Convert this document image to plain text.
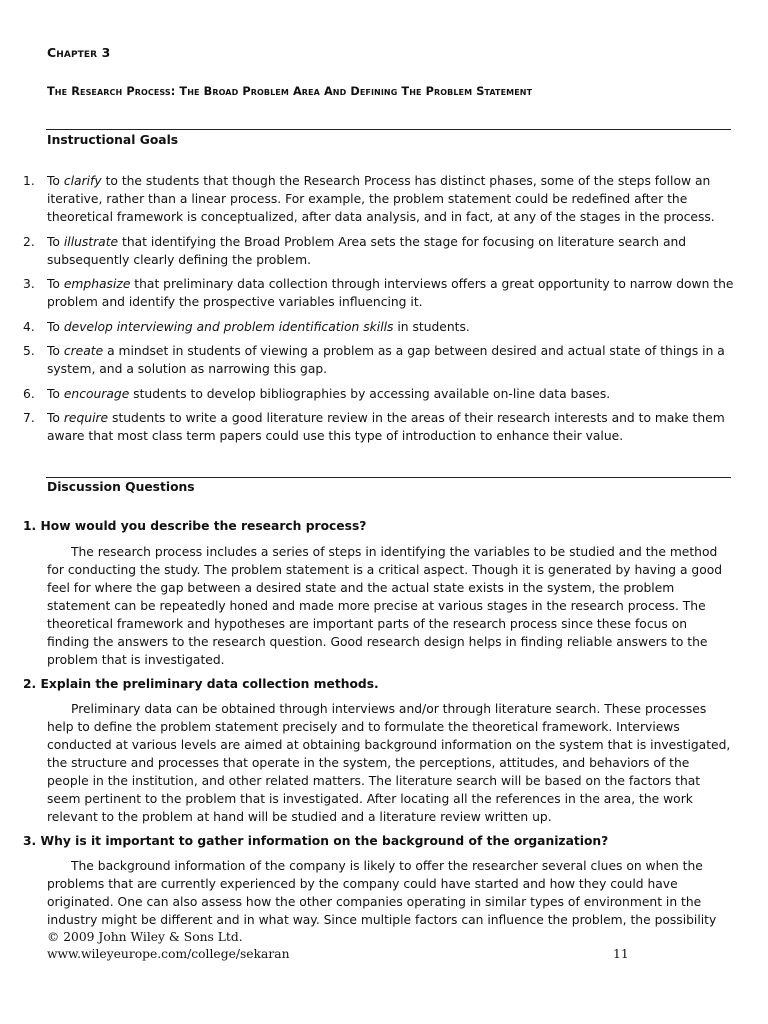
Chapter 3
The Research Process: The Broad Problem Area And Defining The Problem Statement
Instructional Goals
1. To clarify to the students that though the Research Process has distinct phases, some of the steps follow an iterative, rather than a linear process. For example, the problem statement could be redefined after the theoretical framework is conceptualized, after data analysis, and in fact, at any of the stages in the process.
2. To illustrate that identifying the Broad Problem Area sets the stage for focusing on literature search and subsequently clearly defining the problem.
3. To emphasize that preliminary data collection through interviews offers a great opportunity to narrow down the problem and identify the prospective variables influencing it.
4. To develop interviewing and problem identification skills in students.
5. To create a mindset in students of viewing a problem as a gap between desired and actual state of things in a system, and a solution as narrowing this gap.
6. To encourage students to develop bibliographies by accessing available on-line data bases.
7. To require students to write a good literature review in the areas of their research interests and to make them aware that most class term papers could use this type of introduction to enhance their value.
Discussion Questions
1. How would you describe the research process?

The research process includes a series of steps in identifying the variables to be studied and the method for conducting the study. The problem statement is a critical aspect. Though it is generated by having a good feel for where the gap between a desired state and the actual state exists in the system, the problem statement can be repeatedly honed and made more precise at various stages in the research process. The theoretical framework and hypotheses are important parts of the research process since these focus on finding the answers to the research question. Good research design helps in finding reliable answers to the problem that is investigated.

2. Explain the preliminary data collection methods.

Preliminary data can be obtained through interviews and/or through literature search. These processes help to define the problem statement precisely and to formulate the theoretical framework. Interviews conducted at various levels are aimed at obtaining background information on the system that is investigated, the structure and processes that operate in the system, the perceptions, attitudes, and behaviors of the people in the institution, and other related matters. The literature search will be based on the factors that seem pertinent to the problem that is investigated. After locating all the references in the area, the work relevant to the problem at hand will be studied and a literature review written up.

3. Why is it important to gather information on the background of the organization?

The background information of the company is likely to offer the researcher several clues on when the problems that are currently experienced by the company could have started and how they could have originated. One can also assess how the other companies operating in similar types of environment in the industry might be different and in what way. Since multiple factors can influence the problem, the possibility

© 2009 John Wiley & Sons Ltd.
www.wileyeurope.com/college/sekaran	11
